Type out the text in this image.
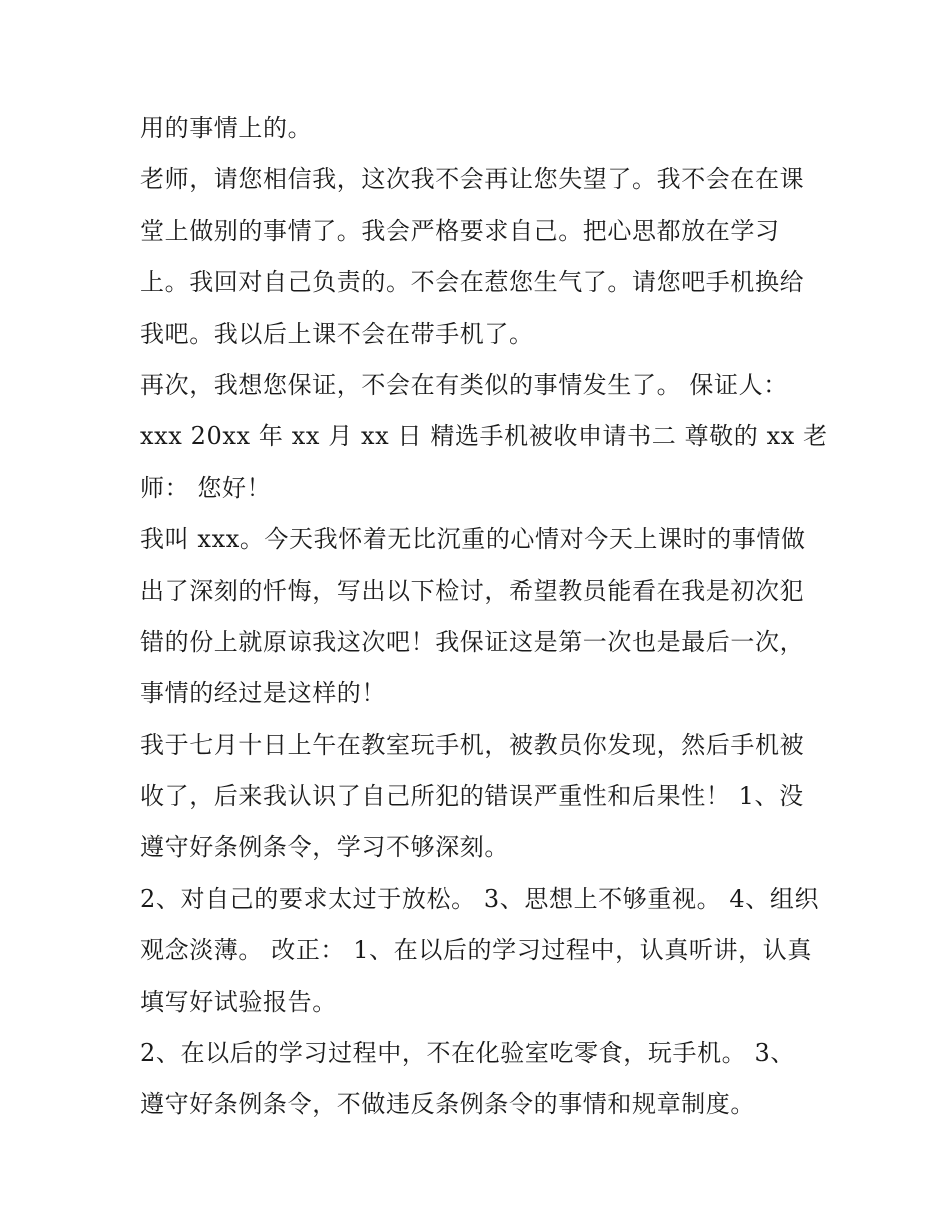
用的事情上的。
老师，请您相信我，这次我不会再让您失望了。我不会在在课
堂上做别的事情了。我会严格要求自己。把心思都放在学习
上。我回对自己负责的。不会在惹您生气了。请您吧手机换给
我吧。我以后上课不会在带手机了。
再次，我想您保证，不会在有类似的事情发生了。 保证人：
xxx 20xx 年 xx 月 xx 日 精选手机被收申请书二 尊敬的 xx 老
师： 您好！
我叫 xxx。今天我怀着无比沉重的心情对今天上课时的事情做
出了深刻的忏悔，写出以下检讨，希望教员能看在我是初次犯
错的份上就原谅我这次吧！我保证这是第一次也是最后一次，
事情的经过是这样的！
我于七月十日上午在教室玩手机，被教员你发现，然后手机被
收了，后来我认识了自己所犯的错误严重性和后果性！ 1、没
遵守好条例条令，学习不够深刻。
2、对自己的要求太过于放松。 3、思想上不够重视。 4、组织
观念淡薄。 改正： 1、在以后的学习过程中，认真听讲，认真
填写好试验报告。
2、在以后的学习过程中，不在化验室吃零食，玩手机。 3、
遵守好条例条令，不做违反条例条令的事情和规章制度。
